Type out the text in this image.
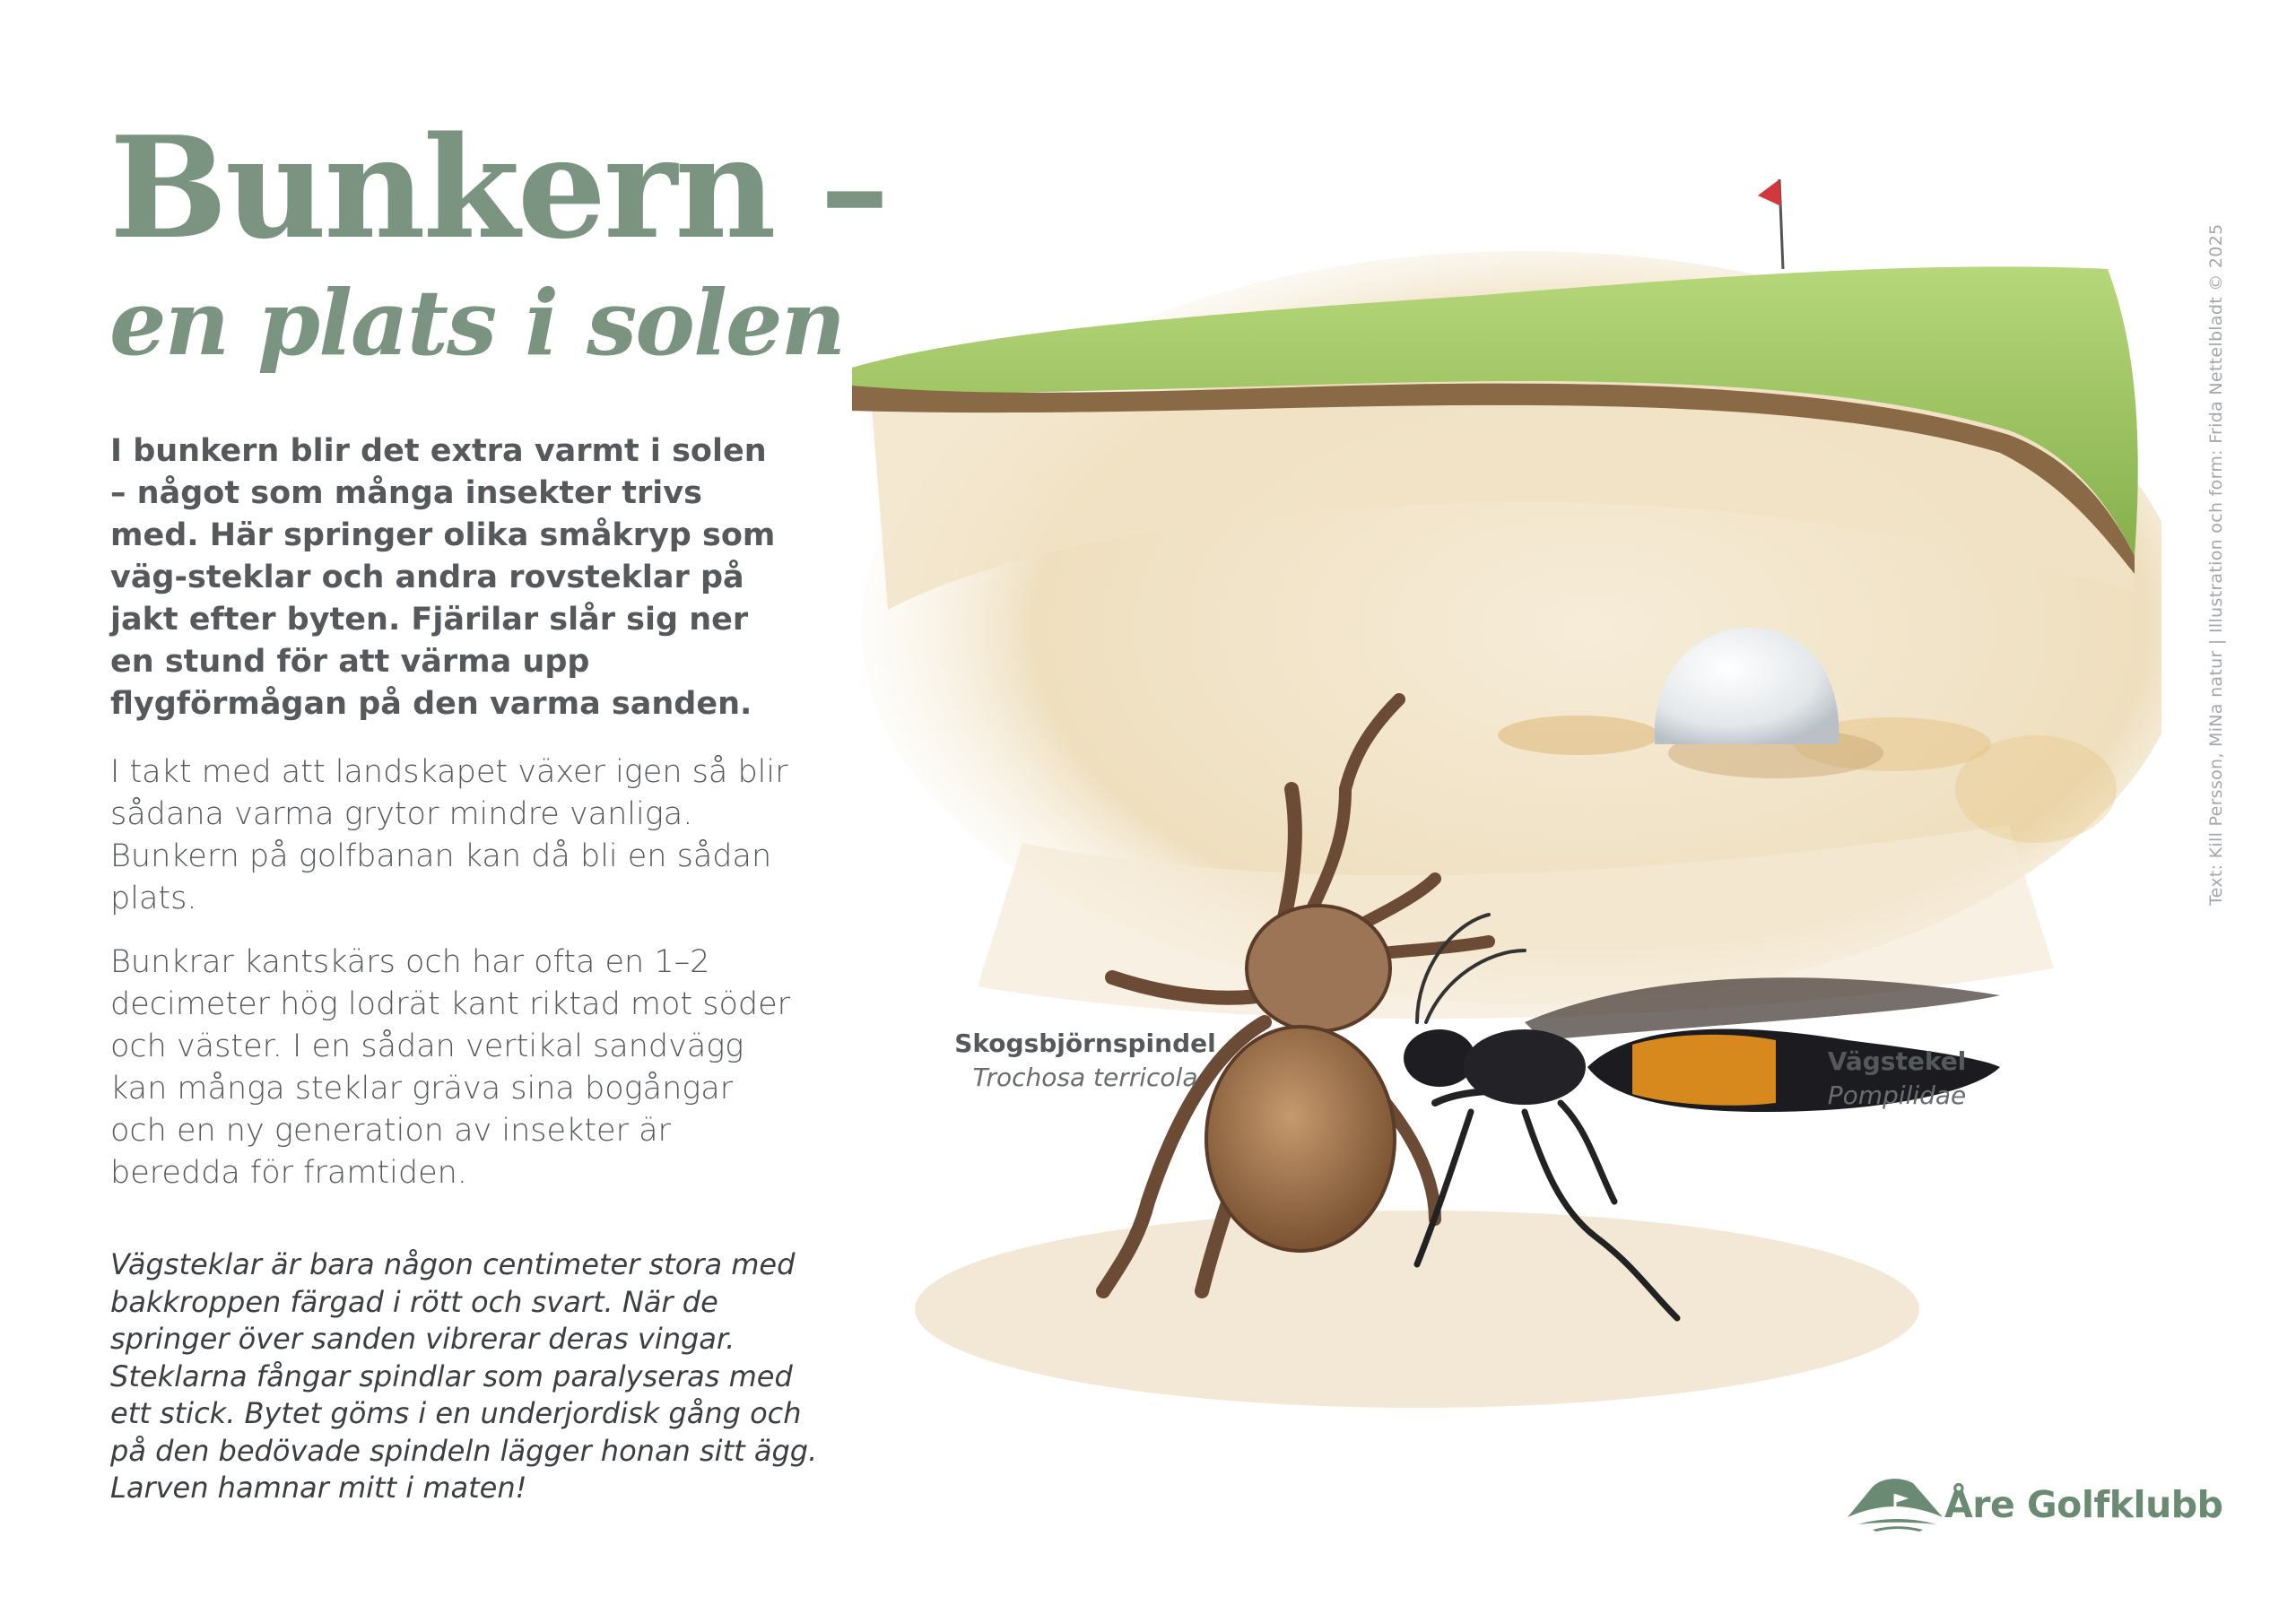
Bunkern –
en plats i solen

I bunkern blir det extra varmt i solen – något som många insekter trivs med. Här springer olika småkryp som väg-steklar och andra rovsteklar på jakt efter byten. Fjärilar slår sig ner en stund för att värma upp flygförmågan på den varma sanden.

I takt med att landskapet växer igen så blir sådana varma grytor mindre vanliga. Bunkern på golfbanan kan då bli en sådan plats.

Bunkrar kantskärs och har ofta en 1–2 decimeter hög lodrät kant riktad mot söder och väster. I en sådan vertikal sandvägg kan många steklar gräva sina bogångar och en ny generation av insekter är beredda för framtiden.

Vägsteklar är bara någon centimeter stora med bakkroppen färgad i rött och svart. När de springer över sanden vibrerar deras vingar. Steklarna fångar spindlar som paralyseras med ett stick. Bytet göms i en underjordisk gång och på den bedövade spindeln lägger honan sitt ägg. Larven hamnar mitt i maten!

Skogsbjörnspindel
Trochosa terricola
Vägstekel
Pompilidae
Text: Kill Persson, MiNa natur | Illustration och form: Frida Nettelbladt © 2025
Åre Golfklubb
